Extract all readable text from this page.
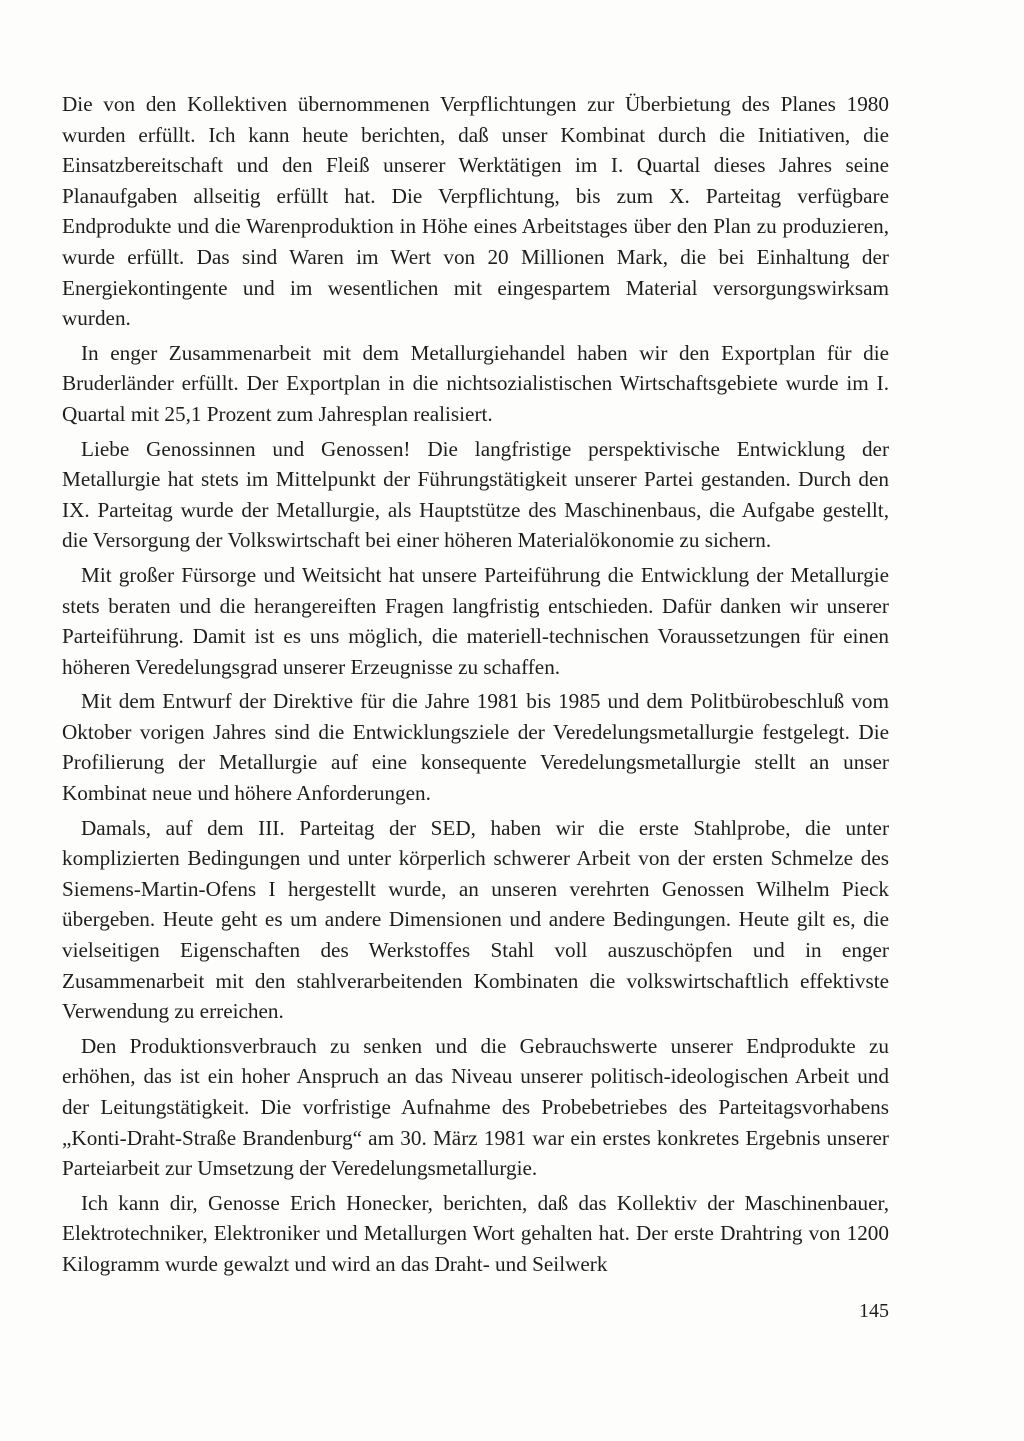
Die von den Kollektiven übernommenen Verpflichtungen zur Überbietung des Planes 1980 wurden erfüllt. Ich kann heute berichten, daß unser Kombinat durch die Initiativen, die Einsatzbereitschaft und den Fleiß unserer Werktätigen im I. Quartal dieses Jahres seine Planaufgaben allseitig erfüllt hat. Die Verpflichtung, bis zum X. Parteitag verfügbare Endprodukte und die Warenproduktion in Höhe eines Arbeitstages über den Plan zu produzieren, wurde erfüllt. Das sind Waren im Wert von 20 Millionen Mark, die bei Einhaltung der Energiekontingente und im wesentlichen mit eingespartem Material versorgungswirksam wurden.

In enger Zusammenarbeit mit dem Metallurgiehandel haben wir den Exportplan für die Bruderländer erfüllt. Der Exportplan in die nichtsozialistischen Wirtschaftsgebiete wurde im I. Quartal mit 25,1 Prozent zum Jahresplan realisiert.

Liebe Genossinnen und Genossen! Die langfristige perspektivische Entwicklung der Metallurgie hat stets im Mittelpunkt der Führungstätigkeit unserer Partei gestanden. Durch den IX. Parteitag wurde der Metallurgie, als Hauptstütze des Maschinenbaus, die Aufgabe gestellt, die Versorgung der Volkswirtschaft bei einer höheren Materialökonomie zu sichern.

Mit großer Fürsorge und Weitsicht hat unsere Parteiführung die Entwicklung der Metallurgie stets beraten und die herangereiften Fragen langfristig entschieden. Dafür danken wir unserer Parteiführung. Damit ist es uns möglich, die materiell-technischen Voraussetzungen für einen höheren Veredelungsgrad unserer Erzeugnisse zu schaffen.

Mit dem Entwurf der Direktive für die Jahre 1981 bis 1985 und dem Politbürobeschluß vom Oktober vorigen Jahres sind die Entwicklungsziele der Veredelungsmetallurgie festgelegt. Die Profilierung der Metallurgie auf eine konsequente Veredelungsmetallurgie stellt an unser Kombinat neue und höhere Anforderungen.

Damals, auf dem III. Parteitag der SED, haben wir die erste Stahlprobe, die unter komplizierten Bedingungen und unter körperlich schwerer Arbeit von der ersten Schmelze des Siemens-Martin-Ofens I hergestellt wurde, an unseren verehrten Genossen Wilhelm Pieck übergeben. Heute geht es um andere Dimensionen und andere Bedingungen. Heute gilt es, die vielseitigen Eigenschaften des Werkstoffes Stahl voll auszuschöpfen und in enger Zusammenarbeit mit den stahlverarbeitenden Kombinaten die volkswirtschaftlich effektivste Verwendung zu erreichen.

Den Produktionsverbrauch zu senken und die Gebrauchswerte unserer Endprodukte zu erhöhen, das ist ein hoher Anspruch an das Niveau unserer politisch-ideologischen Arbeit und der Leitungstätigkeit. Die vorfristige Aufnahme des Probebetriebes des Parteitagsvorhabens „Konti-Draht-Straße Brandenburg“ am 30. März 1981 war ein erstes konkretes Ergebnis unserer Parteiarbeit zur Umsetzung der Veredelungsmetallurgie.

Ich kann dir, Genosse Erich Honecker, berichten, daß das Kollektiv der Maschinenbauer, Elektrotechniker, Elektroniker und Metallurgen Wort gehalten hat. Der erste Drahtring von 1200 Kilogramm wurde gewalzt und wird an das Draht- und Seilwerk

145
